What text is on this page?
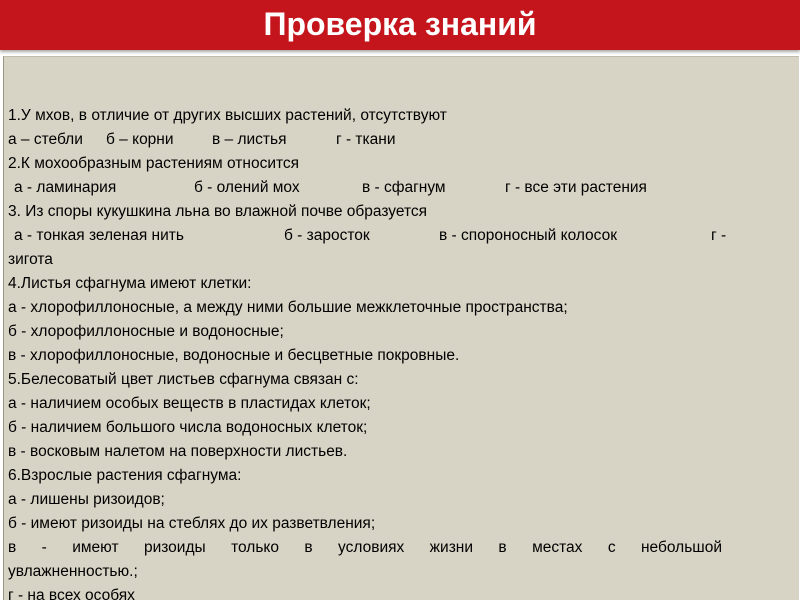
Проверка знаний
1.У мхов, в отличие от других высших растений, отсутствуют
а – стебли б – корни в – листья	г - ткани
2.К мохообразным растениям относится
а - ламинария	б - олений мох	в - сфагнум	г - все эти растения
3. Из споры кукушкина льна во влажной почве образуется
а - тонкая зеленая нить	б - заросток	в - спороносный колосок	г -
зигота
4.Листья сфагнума имеют клетки:
а - хлорофиллоносные, а между ними большие межклеточные пространства;
б - хлорофиллоносные и водоносные;
в - хлорофиллоносные, водоносные и бесцветные покровные.
5.Белесоватый цвет листьев сфагнума связан с:
а - наличием особых веществ в пластидах клеток;
б - наличием большого числа водоносных клеток;
в - восковым налетом на поверхности листьев.
6.Взрослые растения сфагнума:
а - лишены ризоидов;
б - имеют ризоиды на стеблях до их разветвления;
в - имеют ризоиды только в условиях жизни в местах с небольшой
увлажненностью.;
г - на всех особях
